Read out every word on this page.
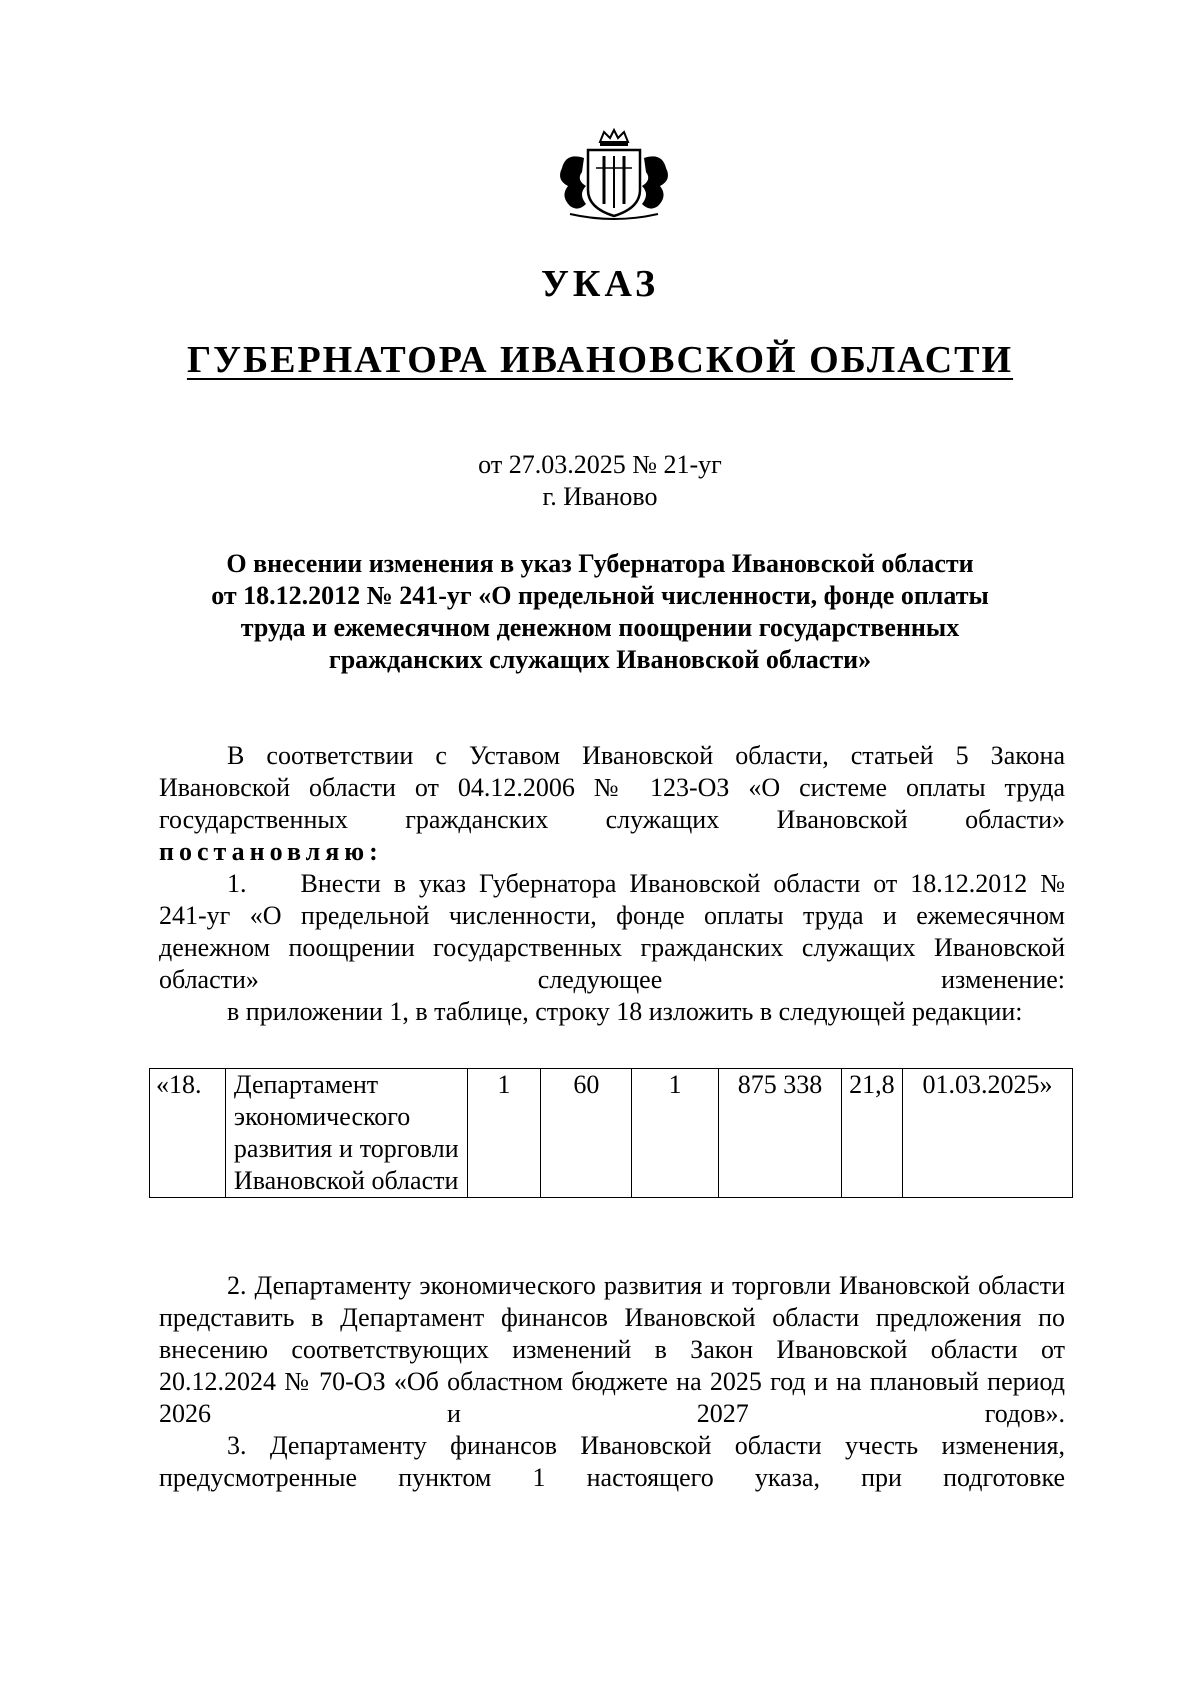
УКАЗ
ГУБЕРНАТОРА ИВАНОВСКОЙ ОБЛАСТИ
от 27.03.2025 № 21-уг
г. Иваново
О внесении изменения в указ Губернатора Ивановской области
от 18.12.2012 № 241-уг «О предельной численности, фонде оплаты
труда и ежемесячном денежном поощрении государственных
гражданских служащих Ивановской области»
В соответствии с Уставом Ивановской области, статьей 5 Закона Ивановской области от 04.12.2006 № 123-ОЗ «О системе оплаты труда государственных гражданских служащих Ивановской области»
постановляю:
1. Внести в указ Губернатора Ивановской области от 18.12.2012 № 241-уг «О предельной численности, фонде оплаты труда и ежемесячном денежном поощрении государственных гражданских служащих Ивановской области» следующее изменение:
в приложении 1, в таблице, строку 18 изложить в следующей редакции:
«18.	Департамент экономического развития и торговли Ивановской области	1	60	1	875 338	21,8	01.03.2025»
2. Департаменту экономического развития и торговли Ивановской области представить в Департамент финансов Ивановской области предложения по внесению соответствующих изменений в Закон Ивановской области от 20.12.2024 № 70-ОЗ «Об областном бюджете на 2025 год и на плановый период 2026 и 2027 годов».
3. Департаменту финансов Ивановской области учесть изменения, предусмотренные пунктом 1 настоящего указа, при подготовке
